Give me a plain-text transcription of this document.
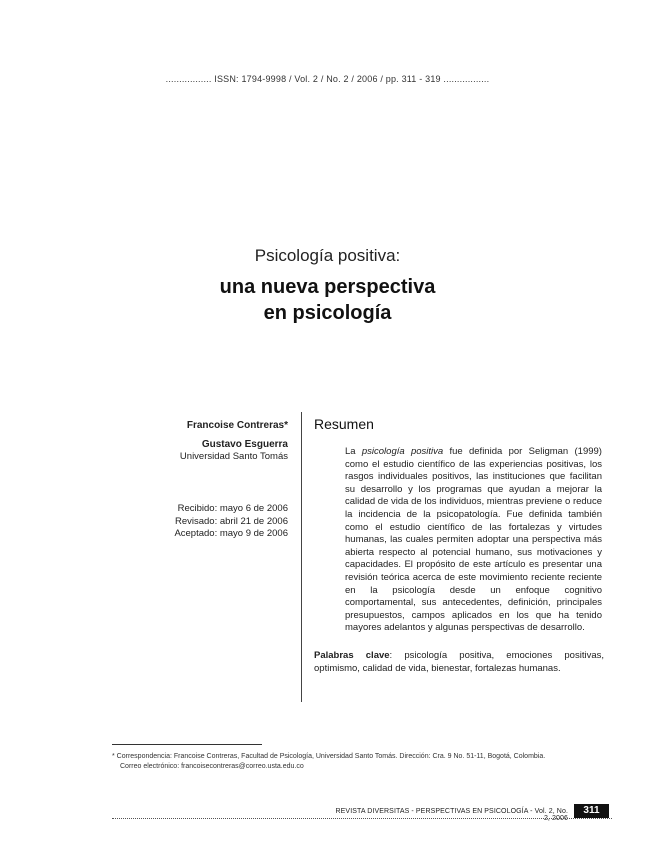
................. ISSN: 1794-9998 / Vol. 2 / No. 2 / 2006 / pp. 311 - 319 .................
Psicología positiva:
una nueva perspectiva
en psicología
Francoise Contreras*
Gustavo Esguerra
Universidad Santo Tomás
Recibido: mayo 6 de 2006
Revisado: abril 21 de 2006
Aceptado: mayo 9 de 2006
Resumen
La psicología positiva fue definida por Seligman (1999) como el estudio científico de las experiencias positivas, los rasgos individuales positivos, las instituciones que facilitan su desarrollo y los programas que ayudan a mejorar la calidad de vida de los individuos, mientras previene o reduce la incidencia de la psicopatología. Fue definida también como el estudio científico de las fortalezas y virtudes humanas, las cuales permiten adoptar una perspectiva más abierta respecto al potencial humano, sus motivaciones y capacidades. El propósito de este artículo es presentar una revisión teórica acerca de este movimiento reciente reciente en la psicología desde un enfoque cognitivo comportamental, sus antecedentes, definición, principales presupuestos, campos aplicados en los que ha tenido mayores adelantos y algunas perspectivas de desarrollo.
Palabras clave: psicología positiva, emociones positivas, optimismo, calidad de vida, bienestar, fortalezas humanas.
* Correspondencia: Francoise Contreras, Facultad de Psicología, Universidad Santo Tomás. Dirección: Cra. 9 No. 51-11, Bogotá, Colombia.
Correo electrónico: francoisecontreras@correo.usta.edu.co
REVISTA DIVERSITAS - PERSPECTIVAS EN PSICOLOGÍA - Vol. 2, No. 2, 2006
311
